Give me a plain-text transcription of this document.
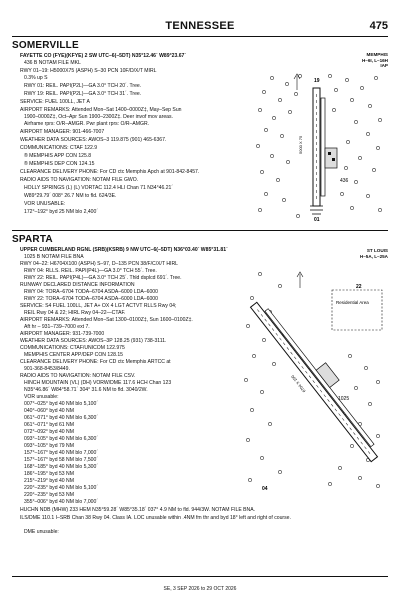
TENNESSEE	475
SOMERVILLE
MEMPHIS
H–6I, L–16H
IAP
FAYETTE CO (FYE)(KFYE) 2 SW UTC–6(–5DT) N35°12.46´ W89°23.67´
436 B NOTAM FILE MKL
RWY 01–19: H5000X75 (ASPH) S–30 PCN 10F/D/X/T MIRL
0.3% up S
RWY 01: REIL. PAPI(P2L)—GA 3.0° TCH 20´. Tree.
RWY 19: REIL. PAPI(P2L)—GA 3.0° TCH 31´. Tree.
SERVICE: FUEL 100LL, JET A
AIRPORT REMARKS: Attended Mon–Sat 1400–0000Z‡, May–Sep Sun
1900–0000Z‡, Oct–Apr Sun 1900–2300Z‡. Deer invof mov areas.
Airframe rprs: O/R–AMGR. Pwr plant rprs: O/R–AMGR.
AIRPORT MANAGER: 901-466-7007
WEATHER DATA SOURCES: AWOS–3 119.875 (901) 465-6367.
COMMUNICATIONS: CTAF 122.9
® MEMPHIS APP CON 125.8
® MEMPHIS DEP CON 124.15
CLEARANCE DELIVERY PHONE: For CD ctc Memphis Apch at 901-842-8457.
RADIO AIDS TO NAVIGATION: NOTAM FILE GWO.
HOLLY SPRINGS (L) (L) VORTAC 112.4 HLI Chan 71 N34°46.21´
W89°29.79´ 008° 26.7 NM to fld. 624/3E.
VOR UNUSABLE:
172°–192° byd 25 NM blo 2,400´
19
5000 X 75
01
436
SPARTA
ST LOUIS
H–5A, L–25A
UPPER CUMBERLAND RGNL (SRB)(KSRB) 9 NW UTC–6(–5DT) N36°03.40´ W85°31.81´
1025 B NOTAM FILE BNA
RWY 04–22: H6704X100 (ASPH) S–97, D–135 PCN 38/F/C/X/T HIRL
RWY 04: RLLS. REIL. PAPI(P4L)—GA 3.0° TCH 55´. Tree.
RWY 22: REIL. PAPI(P4L)—GA 3.0° TCH 25´. Thld dsplcd 691´. Tree.
RUNWAY DECLARED DISTANCE INFORMATION
RWY 04: TORA–6704 TODA–6704 ASDA–6000 LDA–6000
RWY 22: TORA–6704 TODA–6704 ASDA–6000 LDA–6000
SERVICE: S4 FUEL 100LL, JET A+ OX 4 LGT ACTVT RLLS Rwy 04;
REIL Rwy 04 & 22; HIRL Rwy 04–22—CTAF.
AIRPORT REMARKS: Attended Mon–Sat 1300–0100Z‡, Sun 1600–0100Z‡.
Aft hr – 931–739–7000 ext 7.
AIRPORT MANAGER: 931-739-7000
WEATHER DATA SOURCES: AWOS–3P 128.25 (931) 738-3111.
COMMUNICATIONS: CTAF/UNICOM 122.975
MEMPHIS CENTER APP/DEP CON 128.15
CLEARANCE DELIVERY PHONE: For CD ctc Memphis ARTCC at
901-368-8453/8449.
RADIO AIDS TO NAVIGATION: NOTAM FILE CSV.
HINCH MOUNTAIN (VL) (DH) VORW/DME 117.6 HCH Chan 123
N35°46.86´ W84°58.71´ 304° 31.6 NM to fld. 3040/2W.
VOR unusable:
007°–025° byd 40 NM blo 5,100´
040°–060° byd 40 NM
061°–071° byd 40 NM blo 6,300´
061°–071° byd 61 NM
072°–092° byd 40 NM
093°–105° byd 40 NM blo 6,300´
093°–105° byd 79 NM
157°–167° byd 40 NM blo 7,000´
157°–167° byd 58 NM blo 7,500´
168°–185° byd 40 NM blo 5,300´
186°–195° byd 53 NM
215°–219° byd 40 NM
220°–235° byd 40 NM blo 5,100´
220°–235° byd 53 NM
355°–006° byd 40 NM blo 7,000´
HUCHN NDB (MHW) 233 HEM N35°59.28´ W85°35.18´ 037° 4.9 NM to fld. 944/3W. NOTAM FILE BNA.
ILS/DME 110.1 I–SRB Chan 38 Rwy 04. Class IA. LOC unusable within .4NM fm thr and byd 18° left and right of course.
DME unusable:
Residential Area
6704 X 100
22
04
1025
SE, 3 SEP 2026 to 29 OCT 2026
